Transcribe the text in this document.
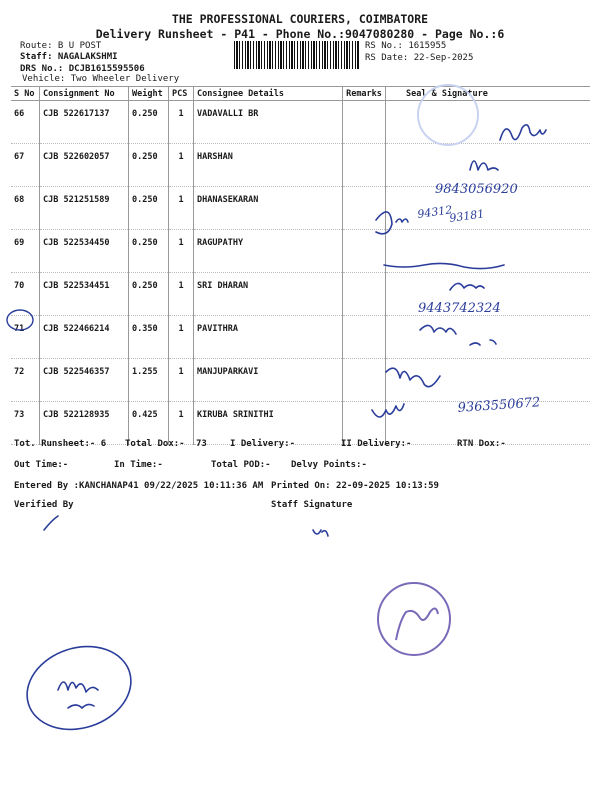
THE PROFESSIONAL COURIERS, COIMBATORE
Delivery Runsheet - P41 - Phone No.:9047080280 - Page No.:6
Route: B U POST
Staff: NAGALAKSHMI
DRS No.: DCJB1615595506
Vehicle: Two Wheeler Delivery
RS No.: 1615955
RS Date: 22-Sep-2025
S No	Consignment No	Weight	PCS	Consignee Details	Remarks	Seal & Signature
66	CJB 522617137	0.250	1	VADAVALLI BR		
67	CJB 522602057	0.250	1	HARSHAN		
68	CJB 521251589	0.250	1	DHANASEKARAN		
69	CJB 522534450	0.250	1	RAGUPATHY		
70	CJB 522534451	0.250	1	SRI DHARAN		
71	CJB 522466214	0.350	1	PAVITHRA		
72	CJB 522546357	1.255	1	MANJUPARKAVI		
73	CJB 522128935	0.425	1	KIRUBA SRINITHI		
Tot. Runsheet:- 6 Total Dox:- 73	I Delivery:-	II Delivery:-	RTN Dox:-
Out Time:-	In Time:-	Total POD:- Delvy Points:-
Entered By :KANCHANAP41 09/22/2025 10:11:36 AM Printed On: 22-09-2025 10:13:59
Verified By	Staff Signature
9843056920
94312
93181
9443742324
9363550672
